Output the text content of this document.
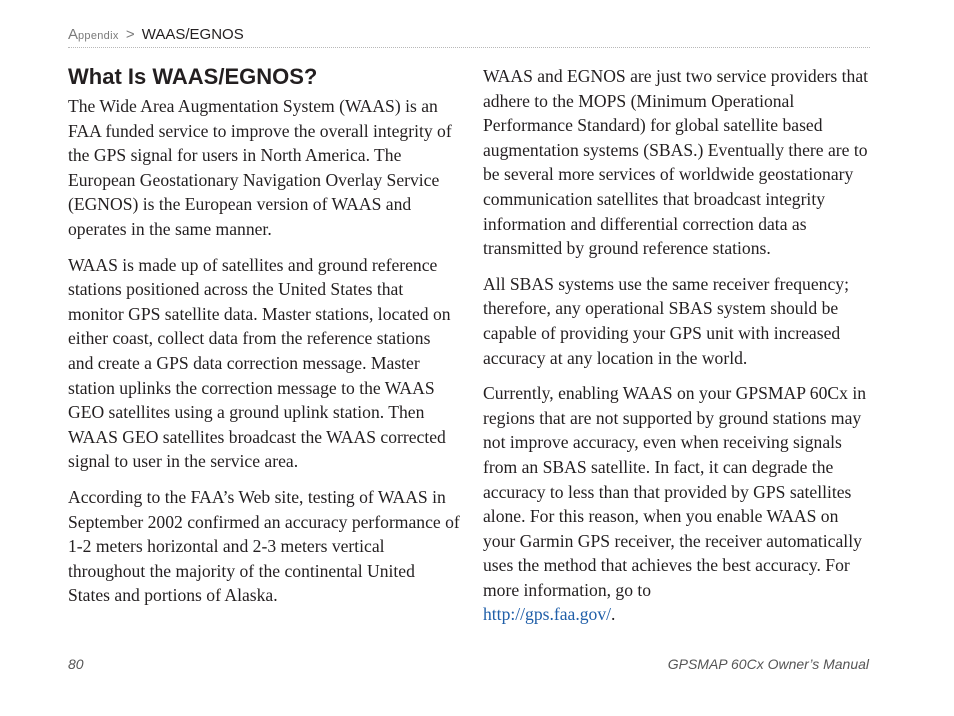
Appendix > WAAS/EGNOS
What Is WAAS/EGNOS?

The Wide Area Augmentation System (WAAS) is an FAA funded service to improve the overall integrity of the GPS signal for users in North America. The European Geostationary Navigation Overlay Service (EGNOS) is the European version of WAAS and operates in the same manner.

WAAS is made up of satellites and ground reference stations positioned across the United States that monitor GPS satellite data. Master stations, located on either coast, collect data from the reference stations and create a GPS data correction message. Master station uplinks the correction message to the WAAS GEO satellites using a ground uplink station. Then WAAS GEO satellites broadcast the WAAS corrected signal to user in the service area.

According to the FAA’s Web site, testing of WAAS in September 2002 confirmed an accuracy performance of 1-2 meters horizontal and 2-3 meters vertical throughout the majority of the continental United States and portions of Alaska.

WAAS and EGNOS are just two service providers that adhere to the MOPS (Minimum Operational Performance Standard) for global satellite based augmentation systems (SBAS.) Eventually there are to be several more services of worldwide geostationary communication satellites that broadcast integrity information and differential correction data as transmitted by ground reference stations.

All SBAS systems use the same receiver frequency; therefore, any operational SBAS system should be capable of providing your GPS unit with increased accuracy at any location in the world.

Currently, enabling WAAS on your GPSMAP 60Cx in regions that are not supported by ground stations may not improve accuracy, even when receiving signals from an SBAS satellite. In fact, it can degrade the accuracy to less than that provided by GPS satellites alone. For this reason, when you enable WAAS on your Garmin GPS receiver, the receiver automatically uses the method that achieves the best accuracy. For more information, go to
http://gps.faa.gov/.

80	GPSMAP 60Cx Owner’s Manual
